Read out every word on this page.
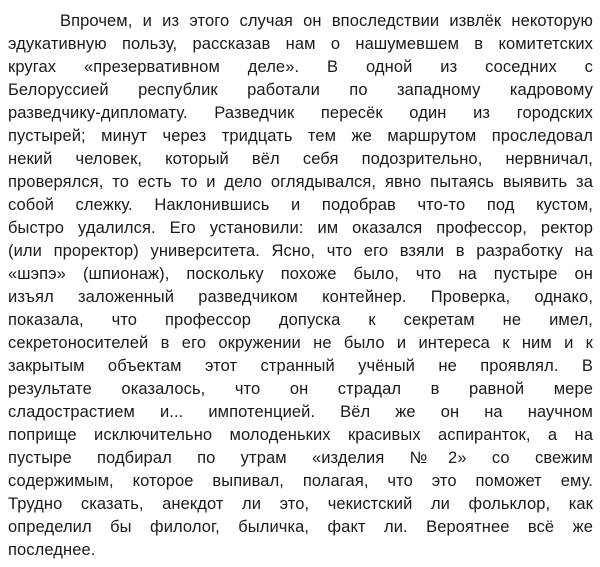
Впрочем, и из этого случая он впоследствии извлёк некоторую
эдукативную пользу, рассказав нам о нашумевшем в комитетских
кругах «презервативном деле». В одной из соседних с
Белоруссией республик работали по западному кадровому
разведчику-дипломату. Разведчик пересёк один из городских
пустырей; минут через тридцать тем же маршрутом проследовал
некий человек, который вёл себя подозрительно, нервничал,
проверялся, то есть то и дело оглядывался, явно пытаясь выявить за
собой слежку. Наклонившись и подобрав что-то под кустом,
быстро удалился. Его установили: им оказался профессор, ректор
(или проректор) университета. Ясно, что его взяли в разработку на
«шэпэ» (шпионаж), поскольку похоже было, что на пустыре он
изъял заложенный разведчиком контейнер. Проверка, однако,
показала, что профессор допуска к секретам не имел,
секретоносителей в его окружении не было и интереса к ним и к
закрытым объектам этот странный учёный не проявлял. В
результате оказалось, что он страдал в равной мере
сладострастием и... импотенцией. Вёл же он на научном
поприще исключительно молоденьких красивых аспиранток, а на
пустыре подбирал по утрам «изделия №2» со свежим
содержимым, которое выпивал, полагая, что это поможет ему.
Трудно сказать, анекдот ли это, чекистский ли фольклор, как
определил бы филолог, быличка, факт ли. Вероятнее всё же
последнее.
